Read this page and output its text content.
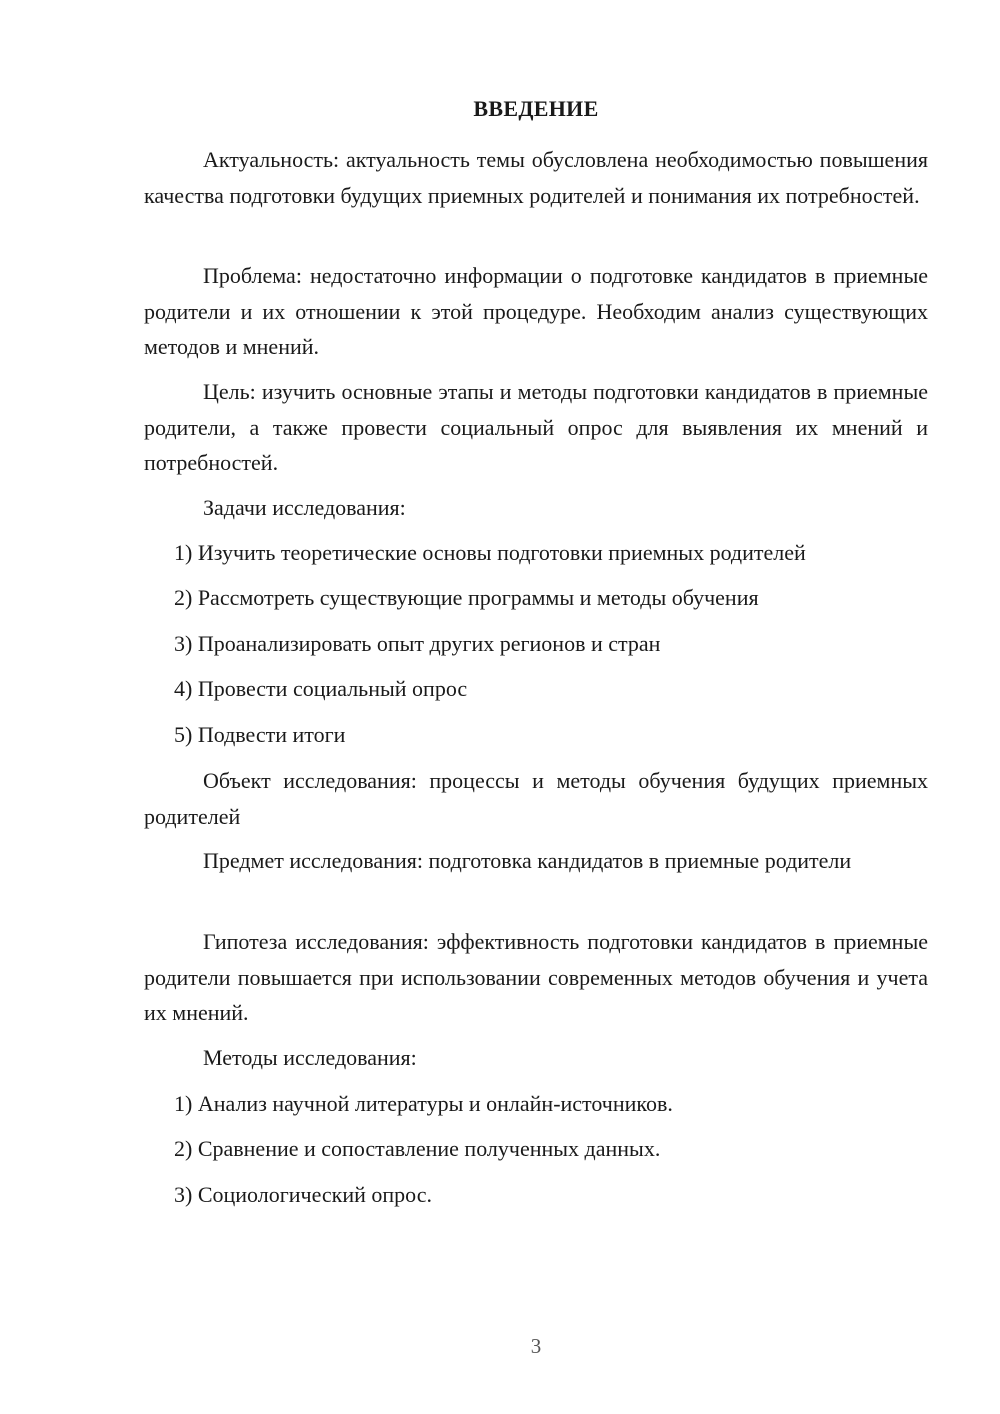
ВВЕДЕНИЕ

Актуальность: актуальность темы обусловлена необходимостью повышения качества подготовки будущих приемных родителей и понимания их потребностей.

Проблема: недостаточно информации о подготовке кандидатов в приемные родители и их отношении к этой процедуре. Необходим анализ существующих методов и мнений.

Цель: изучить основные этапы и методы подготовки кандидатов в приемные родители, а также провести социальный опрос для выявления их мнений и потребностей.

Задачи исследования:

1) Изучить теоретические основы подготовки приемных родителей

2) Рассмотреть существующие программы и методы обучения

3) Проанализировать опыт других регионов и стран

4) Провести социальный опрос

5) Подвести итоги

Объект исследования: процессы и методы обучения будущих приемных родителей

Предмет исследования: подготовка кандидатов в приемные родители

Гипотеза исследования: эффективность подготовки кандидатов в приемные родители повышается при использовании современных методов обучения и учета их мнений.

Методы исследования:

1) Анализ научной литературы и онлайн-источников.

2) Сравнение и сопоставление полученных данных.

3) Социологический опрос.

3
